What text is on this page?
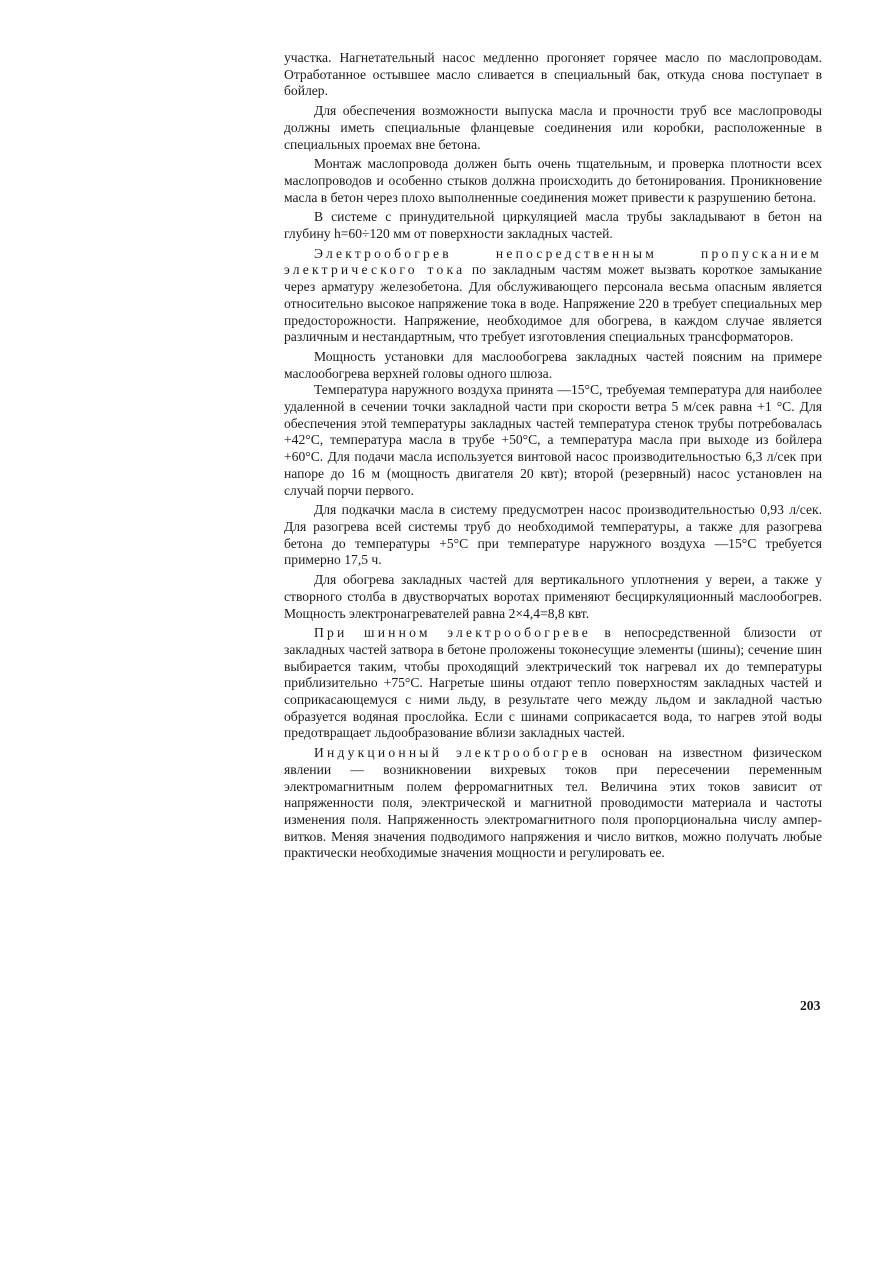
участка. Нагнетательный насос медленно прогоняет горячее масло по маслопроводам. Отработанное остывшее масло сливается в специальный бак, откуда снова поступает в бойлер.

Для обеспечения возможности выпуска масла и прочности труб все маслопроводы должны иметь специальные фланцевые соединения или коробки, расположенные в специальных проемах вне бетона.

Монтаж маслопровода должен быть очень тщательным, и проверка плотности всех маслопроводов и особенно стыков должна происходить до бетонирования. Проникновение масла в бетон через плохо выполненные соединения может привести к разрушению бетона.

В системе с принудительной циркуляцией масла трубы закладывают в бетон на глубину h=60÷120 мм от поверхности закладных частей.

Электрообогрев непосредственным пропусканием электрического тока по закладным частям может вызвать короткое замыкание через арматуру железобетона. Для обслуживающего персонала весьма опасным является относительно высокое напряжение тока в воде. Напряжение 220 в требует специальных мер предосторожности. Напряжение, необходимое для обогрева, в каждом случае является различным и нестандартным, что требует изготовления специальных трансформаторов.

Мощность установки для маслообогрева закладных частей поясним на примере маслообогрева верхней головы одного шлюза.

Температура наружного воздуха принята —15°С, требуемая температура для наиболее удаленной в сечении точки закладной части при скорости ветра 5 м/сек равна +1 °С. Для обеспечения этой температуры закладных частей температура стенок трубы потребовалась +42°С, температура масла в трубе +50°С, а температура масла при выходе из бойлера +60°С. Для подачи масла используется винтовой насос производительностью 6,3 л/сек при напоре до 16 м (мощность двигателя 20 квт); второй (резервный) насос установлен на случай порчи первого.

Для подкачки масла в систему предусмотрен насос производительностью 0,93 л/сек. Для разогрева всей системы труб до необходимой температуры, а также для разогрева бетона до температуры +5°С при температуре наружного воздуха —15°С требуется примерно 17,5 ч.

Для обогрева закладных частей для вертикального уплотнения у вереи, а также у створного столба в двустворчатых воротах применяют бесциркуляционный маслообогрев. Мощность электронагревателей равна 2×4,4=8,8 квт.

При шинном электрообогреве в непосредственной близости от закладных частей затвора в бетоне проложены токонесущие элементы (шины); сечение шин выбирается таким, чтобы проходящий электрический ток нагревал их до температуры приблизительно +75°С. Нагретые шины отдают тепло поверхностям закладных частей и соприкасающемуся с ними льду, в результате чего между льдом и закладной частью образуется водяная прослойка. Если с шинами соприкасается вода, то нагрев этой воды предотвращает льдообразование вблизи закладных частей.

Индукционный электрообогрев основан на известном физическом явлении — возникновении вихревых токов при пересечении переменным электромагнитным полем ферромагнитных тел. Величина этих токов зависит от напряженности поля, электрической и магнитной проводимости материала и частоты изменения поля. Напряженность электромагнитного поля пропорциональна числу ампер-витков. Меняя значения подводимого напряжения и число витков, можно получать любые практически необходимые значения мощности и регулировать ее.

203
